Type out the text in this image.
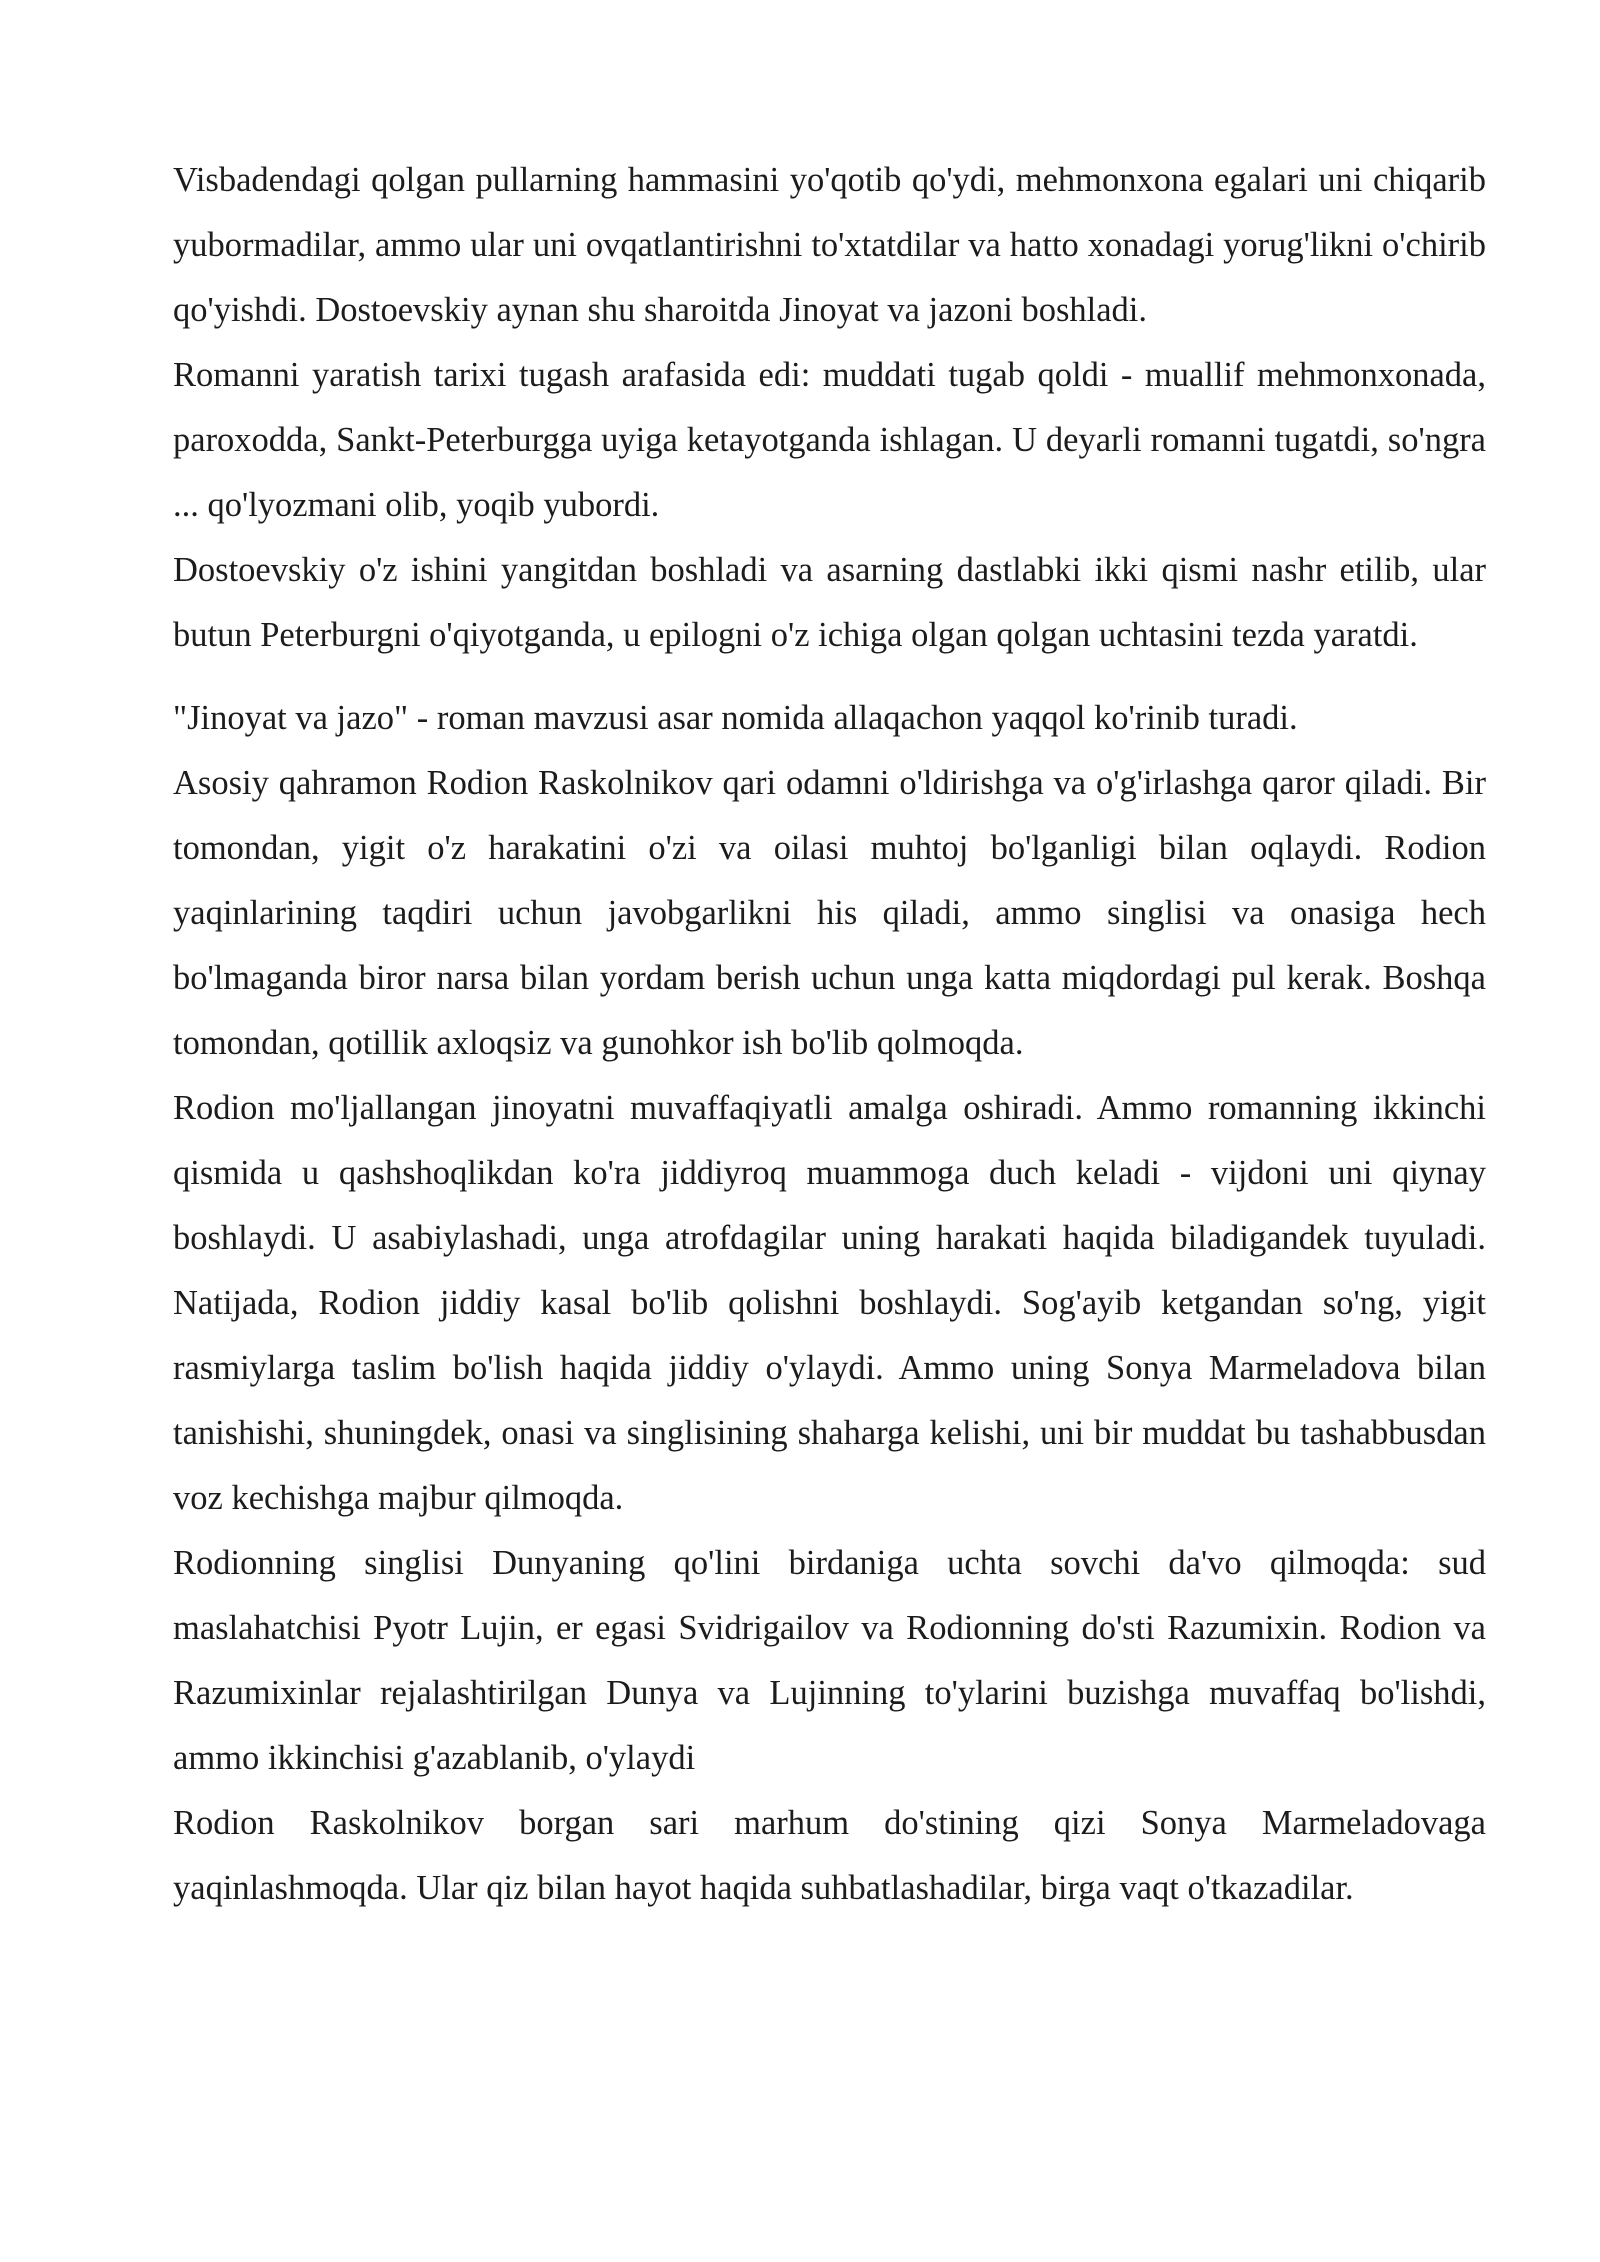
Visbadendagi qolgan pullarning hammasini yo'qotib qo'ydi, mehmonxona egalari uni chiqarib yubormadilar, ammo ular uni ovqatlantirishni to'xtatdilar va hatto xonadagi yorug'likni o'chirib qo'yishdi. Dostoevskiy aynan shu sharoitda Jinoyat va jazoni boshladi.

Romanni yaratish tarixi tugash arafasida edi: muddati tugab qoldi - muallif mehmonxonada, paroxodda, Sankt-Peterburgga uyiga ketayotganda ishlagan. U deyarli romanni tugatdi, so'ngra ... qo'lyozmani olib, yoqib yubordi.

Dostoevskiy o'z ishini yangitdan boshladi va asarning dastlabki ikki qismi nashr etilib, ular butun Peterburgni o'qiyotganda, u epilogni o'z ichiga olgan qolgan uchtasini tezda yaratdi.

"Jinoyat va jazo" - roman mavzusi asar nomida allaqachon yaqqol ko'rinib turadi.

Asosiy qahramon Rodion Raskolnikov qari odamni o'ldirishga va o'g'irlashga qaror qiladi. Bir tomondan, yigit o'z harakatini o'zi va oilasi muhtoj bo'lganligi bilan oqlaydi. Rodion yaqinlarining taqdiri uchun javobgarlikni his qiladi, ammo singlisi va onasiga hech bo'lmaganda biror narsa bilan yordam berish uchun unga katta miqdordagi pul kerak. Boshqa tomondan, qotillik axloqsiz va gunohkor ish bo'lib qolmoqda.

Rodion mo'ljallangan jinoyatni muvaffaqiyatli amalga oshiradi. Ammo romanning ikkinchi qismida u qashshoqlikdan ko'ra jiddiyroq muammoga duch keladi - vijdoni uni qiynay boshlaydi. U asabiylashadi, unga atrofdagilar uning harakati haqida biladigandek tuyuladi. Natijada, Rodion jiddiy kasal bo'lib qolishni boshlaydi. Sog'ayib ketgandan so'ng, yigit rasmiylarga taslim bo'lish haqida jiddiy o'ylaydi. Ammo uning Sonya Marmeladova bilan tanishishi, shuningdek, onasi va singlisining shaharga kelishi, uni bir muddat bu tashabbusdan voz kechishga majbur qilmoqda.

Rodionning singlisi Dunyaning qo'lini birdaniga uchta sovchi da'vo qilmoqda: sud maslahatchisi Pyotr Lujin, er egasi Svidrigailov va Rodionning do'sti Razumixin. Rodion va Razumixinlar rejalashtirilgan Dunya va Lujinning to'ylarini buzishga muvaffaq bo'lishdi, ammo ikkinchisi g'azablanib, o'ylaydi

Rodion Raskolnikov borgan sari marhum do'stining qizi Sonya Marmeladovaga yaqinlashmoqda. Ular qiz bilan hayot haqida suhbatlashadilar, birga vaqt o'tkazadilar.
